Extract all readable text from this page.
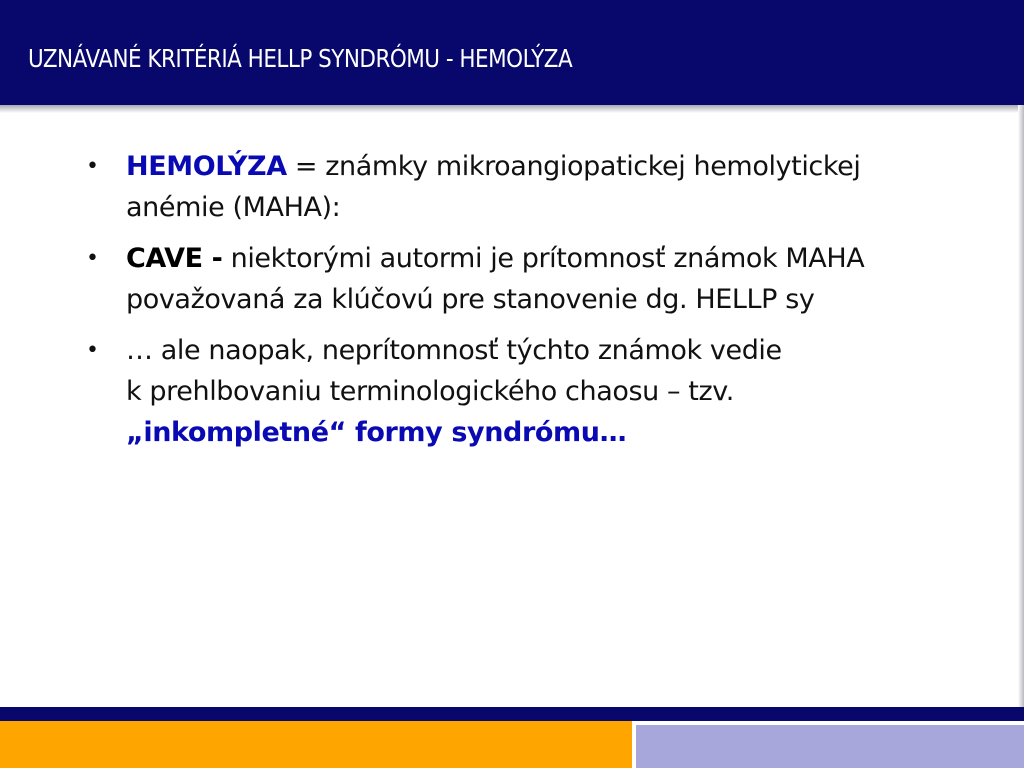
UZNÁVANÉ KRITÉRIÁ HELLP SYNDRÓMU - HEMOLÝZA
• HEMOLÝZA = známky mikroangiopatickej hemolytickej
anémie (MAHA):
• CAVE - niektorými autormi je prítomnosť známok MAHA
považovaná za klúčovú pre stanovenie dg. HELLP sy
• … ale naopak, neprítomnosť týchto známok vedie
k prehlbovaniu terminologického chaosu – tzv.
„inkompletné“ formy syndrómu…
